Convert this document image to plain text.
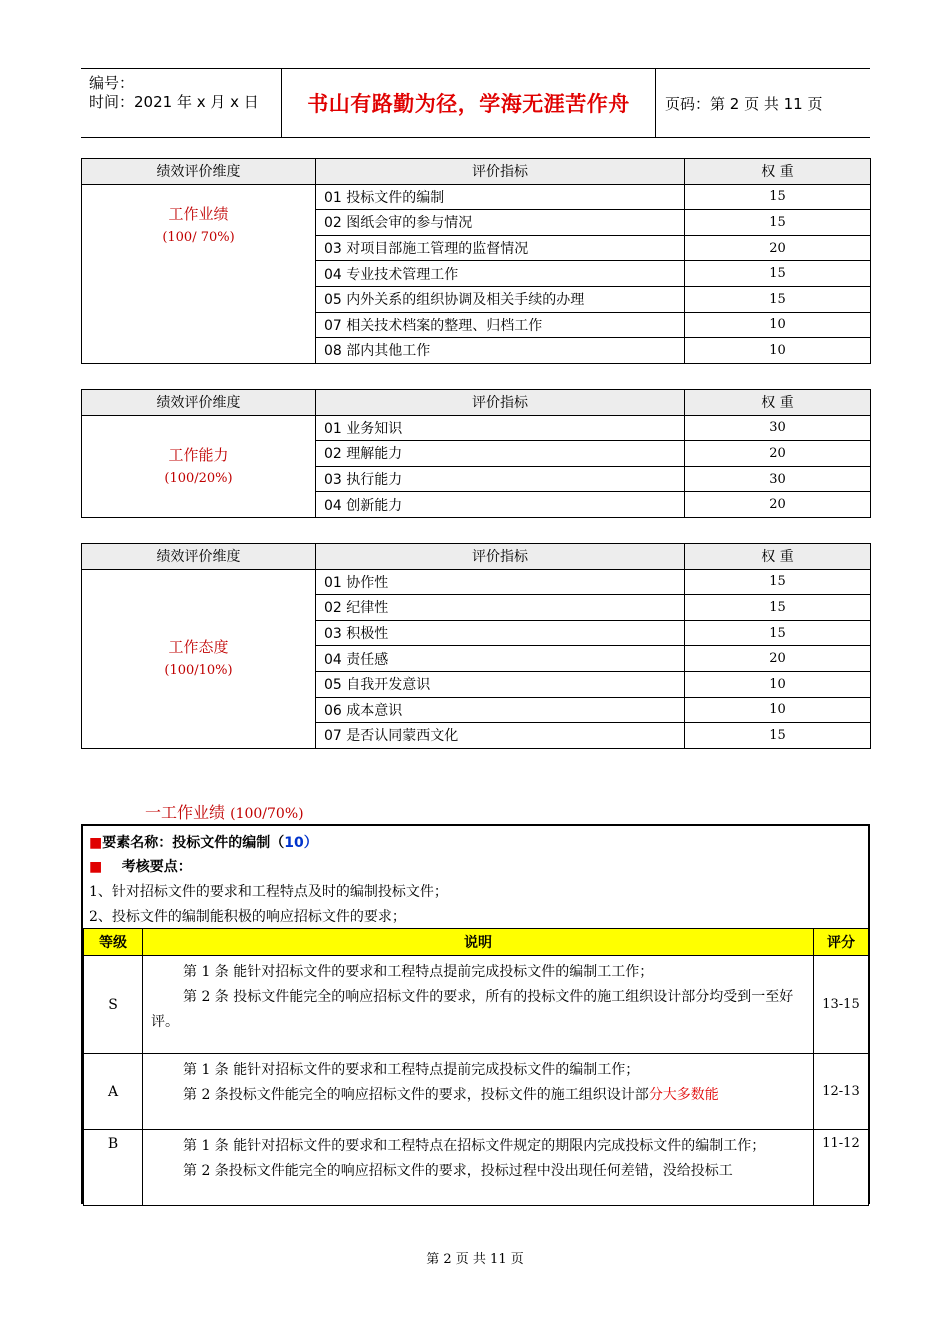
编号：
时间：2021 年 x 月 x 日 书山有路勤为径，学海无涯苦作舟 页码：第 2 页 共 11 页
绩效评价维度	评价指标	权 重

工作业绩
(100/ 70%)	01 投标文件的编制	15
	02 图纸会审的参与情况	15
	03 对项目部施工管理的监督情况	20
	04 专业技术管理工作	15
	05 内外关系的组织协调及相关手续的办理	15
	07 相关技术档案的整理、归档工作	10
	08 部内其他工作	10
绩效评价维度	评价指标	权 重

工作能力
(100/20%)	01 业务知识	30
	02 理解能力	20
	03 执行能力	30
	04 创新能力	20
绩效评价维度	评价指标	权 重

工作态度
(100/10%)	01 协作性	15
	02 纪律性	15
	03 积极性	15
	04 责任感	20
	05 自我开发意识	10
	06 成本意识	10
	07 是否认同蒙西文化	15
一工作业绩 (100/70%)
■要素名称：投标文件的编制（10）
■ 考核要点：
1、针对招标文件的要求和工程特点及时的编制投标文件；
2、投标文件的编制能积极的响应招标文件的要求；
等级	说明	评分
S	第 1 条 能针对招标文件的要求和工程特点提前完成投标文件的编制工工作；
第 2 条 投标文件能完全的响应招标文件的要求，所有的投标文件的施工组织设计部分均受到一至好评。	13-15
A	第 1 条 能针对招标文件的要求和工程特点提前完成投标文件的编制工作；
第 2 条投标文件能完全的响应招标文件的要求，投标文件的施工组织设计部分大多数能	12-13
B	第 1 条 能针对招标文件的要求和工程特点在招标文件规定的期限内完成投标文件的编制工作；
第 2 条投标文件能完全的响应招标文件的要求，投标过程中没出现任何差错，没给投标工	11-12
第 2 页 共 11 页
